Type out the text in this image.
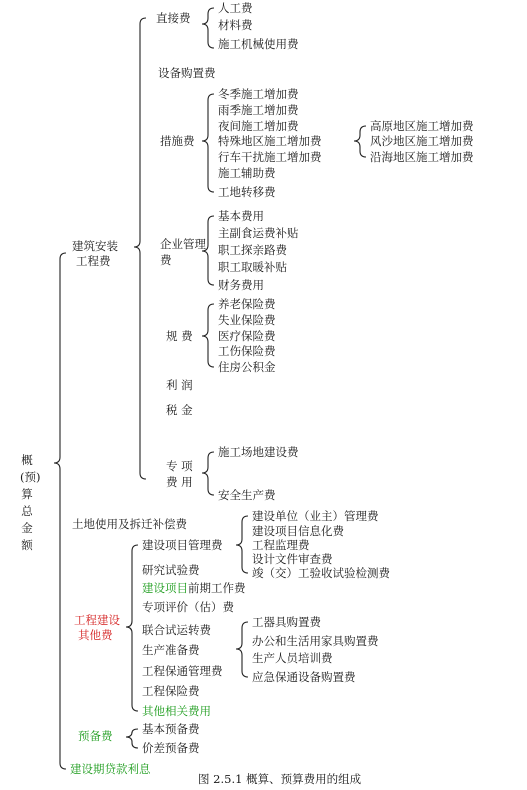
概
(预)
算
总
金
额
建筑安装
工程费
直接费
人工费
材料费
施工机械使用费
设备购置费
措施费
冬季施工增加费
雨季施工增加费
夜间施工增加费
特殊地区施工增加费
行车干扰施工增加费
施工辅助费
工地转移费
高原地区施工增加费
风沙地区施工增加费
沿海地区施工增加费
企业管理
费
基本费用
主副食运费补贴
职工探亲路费
职工取暖补贴
财务费用
规 费
养老保险费
失业保险费
医疗保险费
工伤保险费
住房公积金
利 润
税 金
专 项
费 用
施工场地建设费
安全生产费
土地使用及拆迁补偿费
工程建设
其他费
建设项目管理费
建设单位（业主）管理费
建设项目信息化费
工程监理费
设计文件审查费
竣（交）工验收试验检测费
研究试验费
建设项目前期工作费
专项评价（估）费
联合试运转费
工器具购置费
办公和生活用家具购置费
生产人员培训费
应急保通设备购置费
生产准备费
工程保通管理费
工程保险费
其他相关费用
预备费	基本预备费
价差预备费
建设期贷款利息
图 2.5.1 概算、预算费用的组成
